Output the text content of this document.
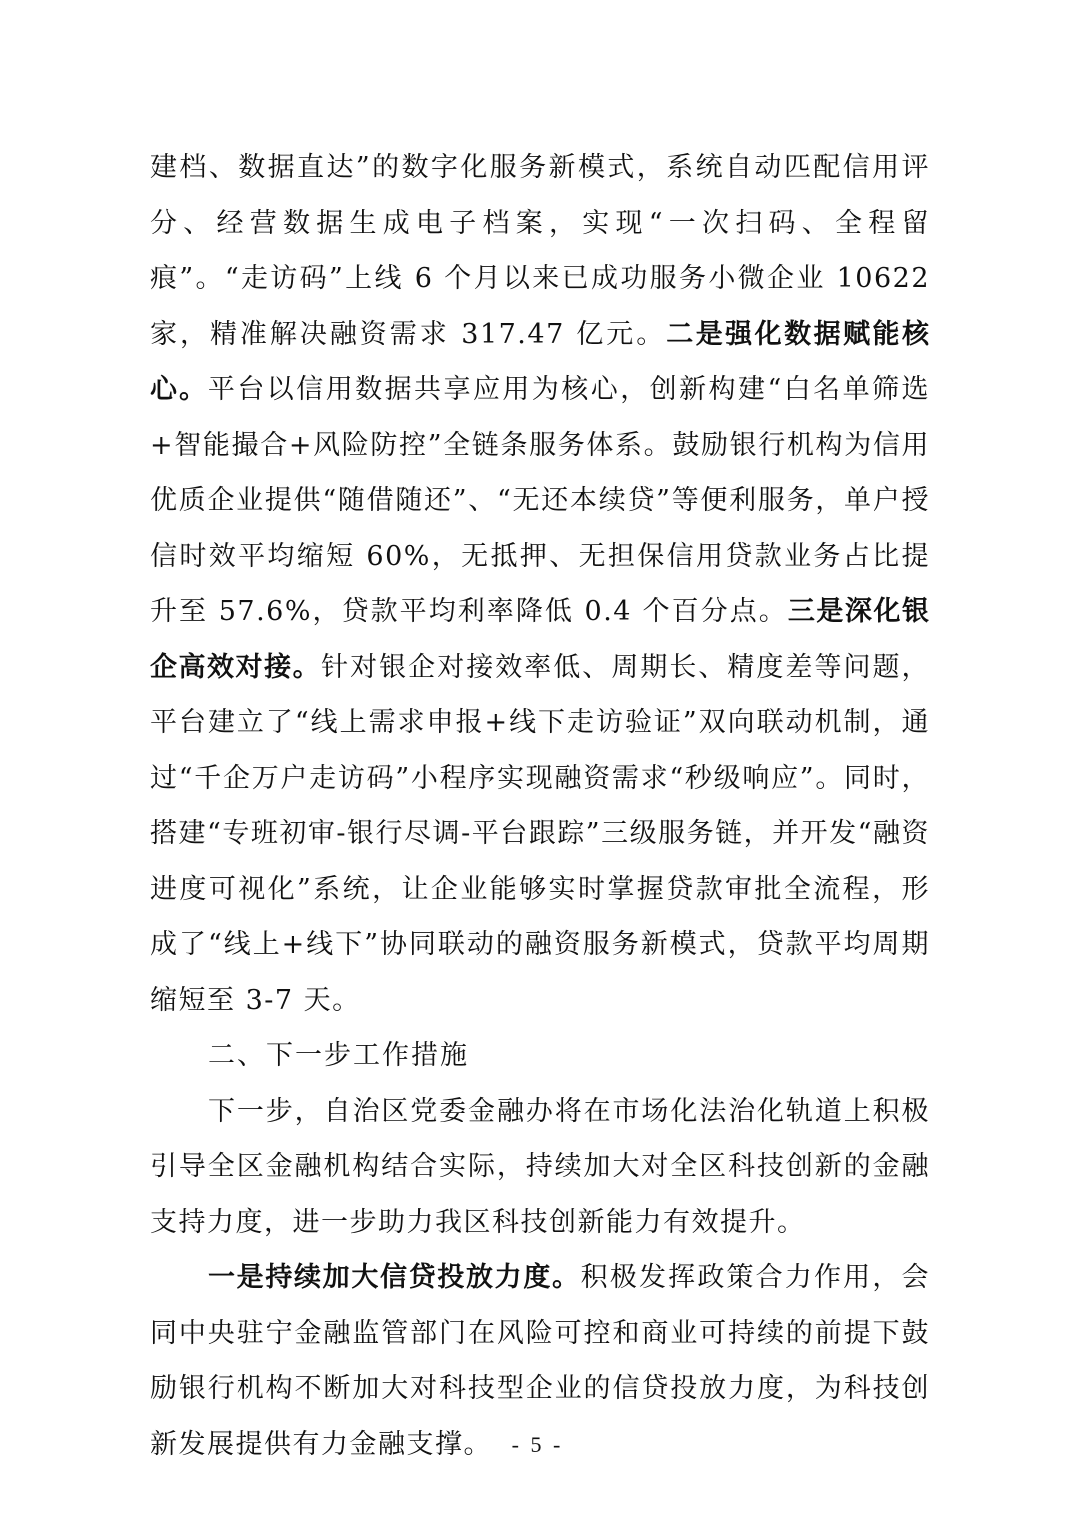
建档、数据直达”的数字化服务新模式，系统自动匹配信用评分、经营数据生成电子档案，实现“一次扫码、全程留痕”。“走访码”上线 6 个月以来已成功服务小微企业 10622 家，精准解决融资需求 317.47 亿元。二是强化数据赋能核心。平台以信用数据共享应用为核心，创新构建“白名单筛选+智能撮合+风险防控”全链条服务体系。鼓励银行机构为信用优质企业提供“随借随还”、“无还本续贷”等便利服务，单户授信时效平均缩短 60%，无抵押、无担保信用贷款业务占比提升至 57.6%，贷款平均利率降低 0.4 个百分点。三是深化银企高效对接。针对银企对接效率低、周期长、精度差等问题，平台建立了“线上需求申报+线下走访验证”双向联动机制，通过“千企万户走访码”小程序实现融资需求“秒级响应”。同时，搭建“专班初审-银行尽调-平台跟踪”三级服务链，并开发“融资进度可视化”系统，让企业能够实时掌握贷款审批全流程，形成了“线上+线下”协同联动的融资服务新模式，贷款平均周期缩短至 3-7 天。

二、下一步工作措施

下一步，自治区党委金融办将在市场化法治化轨道上积极引导全区金融机构结合实际，持续加大对全区科技创新的金融支持力度，进一步助力我区科技创新能力有效提升。

一是持续加大信贷投放力度。积极发挥政策合力作用，会同中央驻宁金融监管部门在风险可控和商业可持续的前提下鼓励银行机构不断加大对科技型企业的信贷投放力度，为科技创新发展提供有力金融支撑。 - 5 -
